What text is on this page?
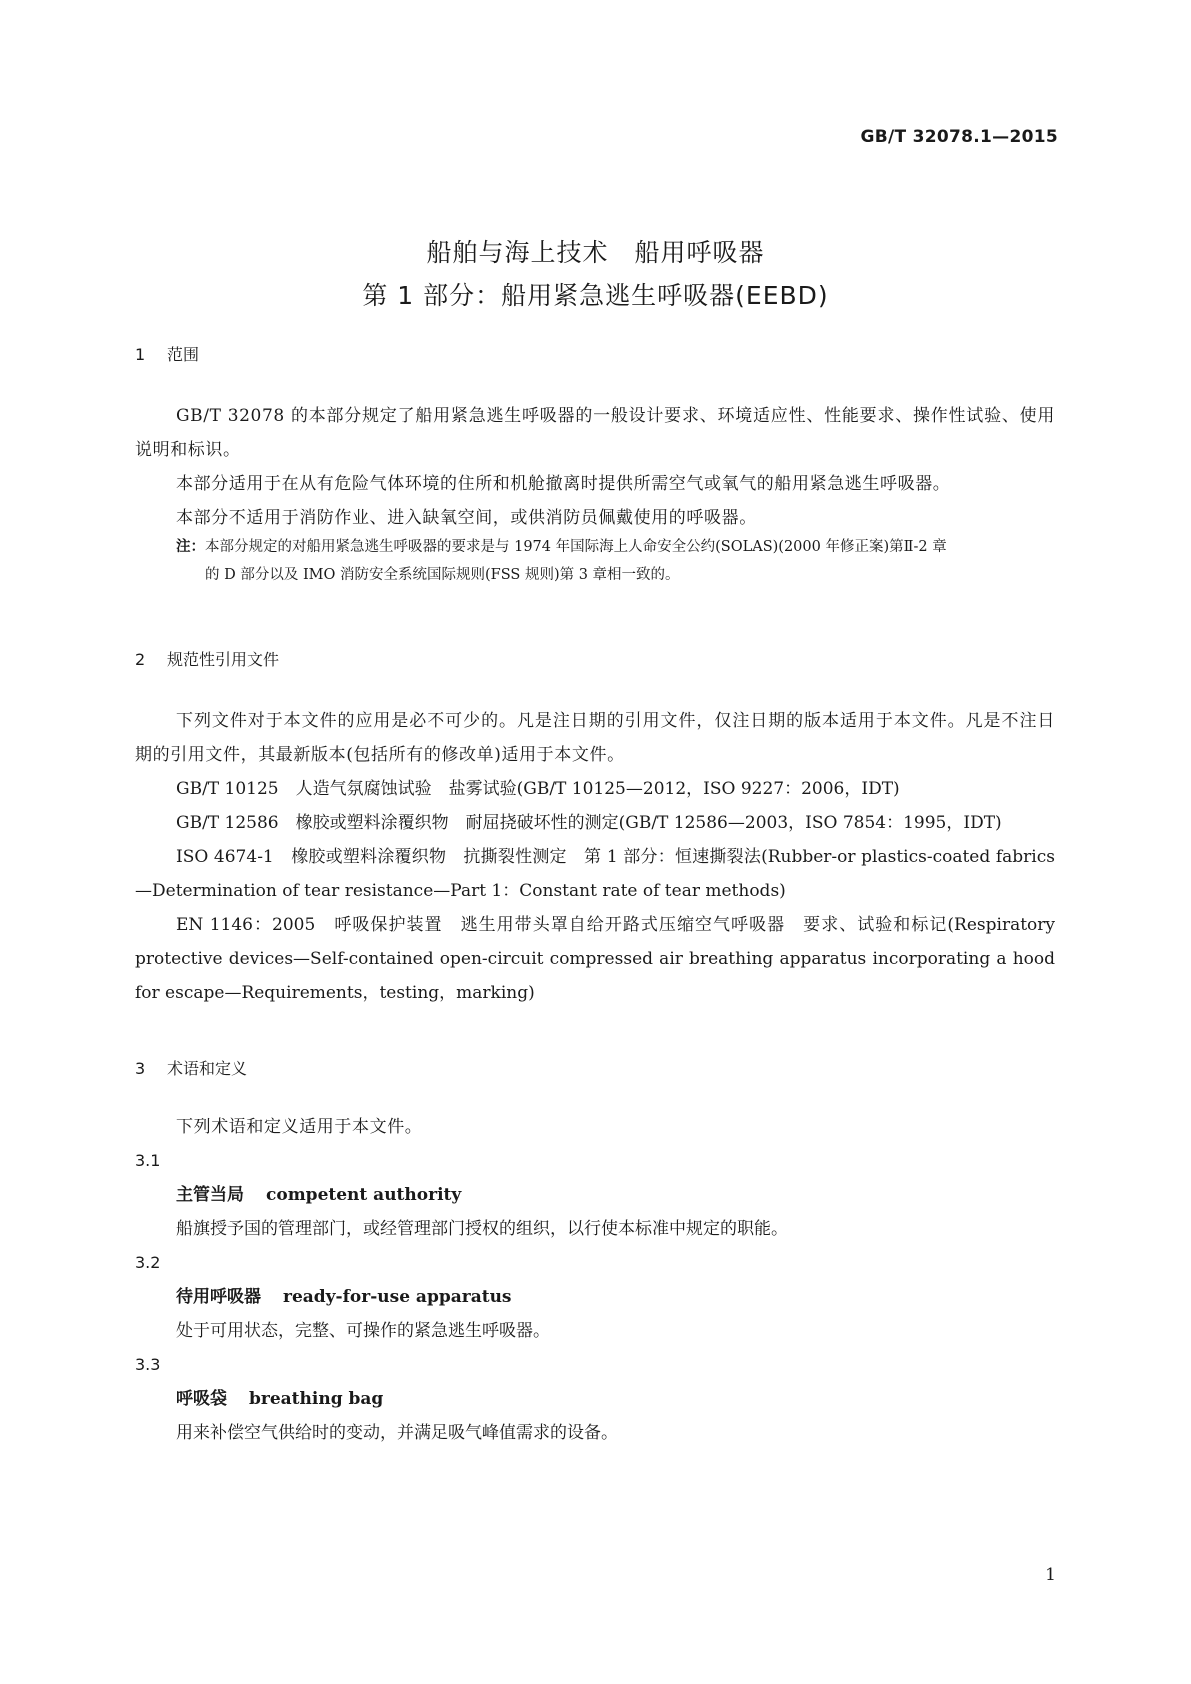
GB/T 32078.1—2015
船舶与海上技术　船用呼吸器
第 1 部分：船用紧急逃生呼吸器(EEBD)
1 范围

GB/T 32078 的本部分规定了船用紧急逃生呼吸器的一般设计要求、环境适应性、性能要求、操作性试验、使用说明和标识。

本部分适用于在从有危险气体环境的住所和机舱撤离时提供所需空气或氧气的船用紧急逃生呼吸器。

本部分不适用于消防作业、进入缺氧空间，或供消防员佩戴使用的呼吸器。

注：本部分规定的对船用紧急逃生呼吸器的要求是与 1974 年国际海上人命安全公约(SOLAS)(2000 年修正案)第Ⅱ-2 章
的 D 部分以及 IMO 消防安全系统国际规则(FSS 规则)第 3 章相一致的。
2 规范性引用文件

下列文件对于本文件的应用是必不可少的。凡是注日期的引用文件，仅注日期的版本适用于本文件。凡是不注日期的引用文件，其最新版本(包括所有的修改单)适用于本文件。

GB/T 10125　人造气氛腐蚀试验　盐雾试验(GB/T 10125—2012，ISO 9227：2006，IDT)

GB/T 12586　橡胶或塑料涂覆织物　耐屈挠破坏性的测定(GB/T 12586—2003，ISO 7854：1995，IDT)

ISO 4674-1　橡胶或塑料涂覆织物　抗撕裂性测定　第 1 部分：恒速撕裂法(Rubber-or plastics-coated fabrics—Determination of tear resistance—Part 1：Constant rate of tear methods)

EN 1146：2005　呼吸保护装置　逃生用带头罩自给开路式压缩空气呼吸器　要求、试验和标记(Respiratory protective devices—Self-contained open-circuit compressed air breathing apparatus incorporating a hood for escape—Requirements，testing，marking)

3 术语和定义

下列术语和定义适用于本文件。

3.1
主管当局 competent authority
船旗授予国的管理部门，或经管理部门授权的组织，以行使本标准中规定的职能。
3.2
待用呼吸器 ready-for-use apparatus
处于可用状态，完整、可操作的紧急逃生呼吸器。
3.3
呼吸袋 breathing bag
用来补偿空气供给时的变动，并满足吸气峰值需求的设备。
1
